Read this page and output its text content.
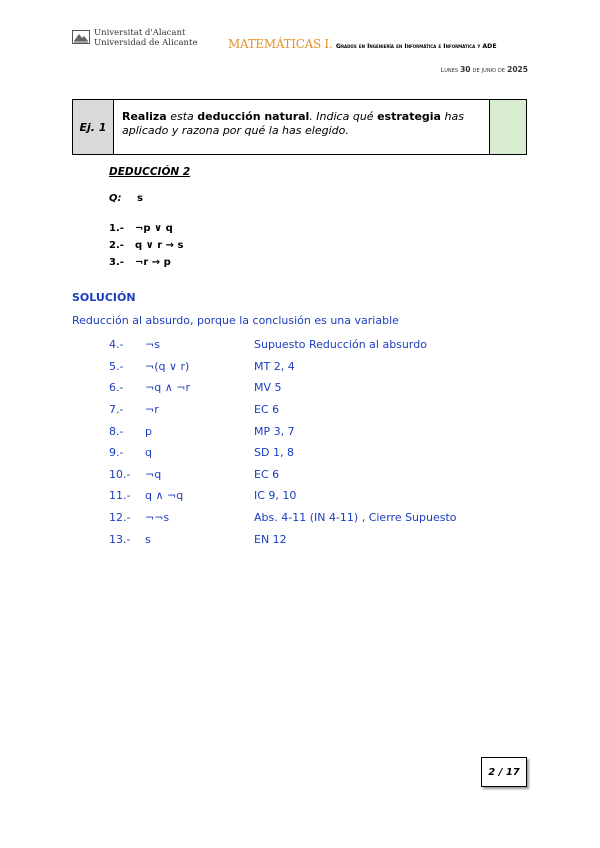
Universitat d'Alacant
Universidad de Alicante	MATEMÁTICAS I. Grados en Ingeniería en Informática e Informática y ADE
Lunes 30 de junio de 2025
Ej. 1
Realiza esta deducción natural. Indica qué estrategia has aplicado y razona por qué la has elegido.
DEDUCCIÓN 2
Q: s
1.- ¬p ∨ q
2.- q ∨ r → s
3.- ¬r → p
SOLUCIÓN
Reducción al absurdo, porque la conclusión es una variable
4.-	¬s	Supuesto Reducción al absurdo
5.-	¬(q ∨ r)	MT 2, 4
6.-	¬q ∧ ¬r	MV 5
7.-	¬r	EC 6
8.-	p	MP 3, 7
9.-	q	SD 1, 8
10.-	¬q	EC 6
11.-	q ∧ ¬q	IC 9, 10
12.-	¬¬s	Abs. 4-11 (IN 4-11) , Cierre Supuesto
13.-	s	EN 12
2 / 17
